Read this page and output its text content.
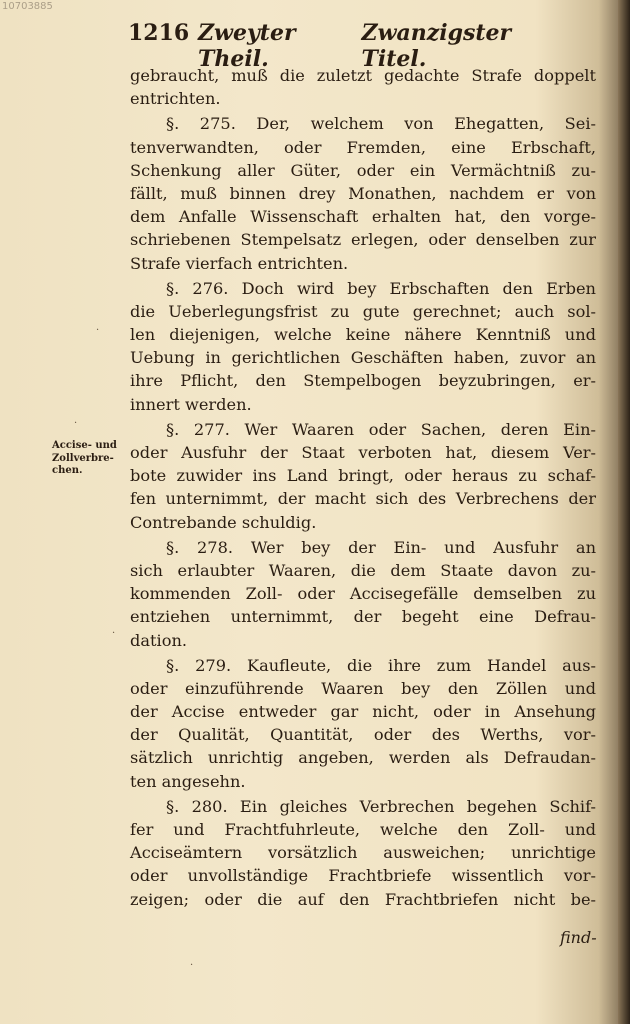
10703885
1216 Zweyter Theil.
Zwanzigster Titel.
Accise- und
Zollverbre-
chen.
gebraucht, muß die zuletzt gedachte Strafe doppelt
entrichten.
§. 275. Der, welchem von Ehegatten, Sei-
tenverwandten, oder Fremden, eine Erbschaft,
Schenkung aller Güter, oder ein Vermächtniß zu-
fällt, muß binnen drey Monathen, nachdem er von
dem Anfalle Wissenschaft erhalten hat, den vorge-
schriebenen Stempelsatz erlegen, oder denselben zur
Strafe vierfach entrichten.
§. 276. Doch wird bey Erbschaften den Erben
die Ueberlegungsfrist zu gute gerechnet; auch sol-
len diejenigen, welche keine nähere Kenntniß und
Uebung in gerichtlichen Geschäften haben, zuvor an
ihre Pflicht, den Stempelbogen beyzubringen, er-
innert werden.
§. 277. Wer Waaren oder Sachen, deren Ein-
oder Ausfuhr der Staat verboten hat, diesem Ver-
bote zuwider ins Land bringt, oder heraus zu schaf-
fen unternimmt, der macht sich des Verbrechens der
Contrebande schuldig.
§. 278. Wer bey der Ein- und Ausfuhr an
sich erlaubter Waaren, die dem Staate davon zu-
kommenden Zoll- oder Accisegefälle demselben zu
entziehen unternimmt, der begeht eine Defrau-
dation.
§. 279. Kaufleute, die ihre zum Handel aus-
oder einzuführende Waaren bey den Zöllen und
der Accise entweder gar nicht, oder in Ansehung
der Qualität, Quantität, oder des Werths, vor-
sätzlich unrichtig angeben, werden als Defraudan-
ten angesehn.
§. 280. Ein gleiches Verbrechen begehen Schif-
fer und Frachtfuhrleute, welche den Zoll- und
Acciseämtern vorsätzlich ausweichen; unrichtige
oder unvollständige Frachtbriefe wissentlich vor-
zeigen; oder die auf den Frachtbriefen nicht be-
find-
·
·
·
·
